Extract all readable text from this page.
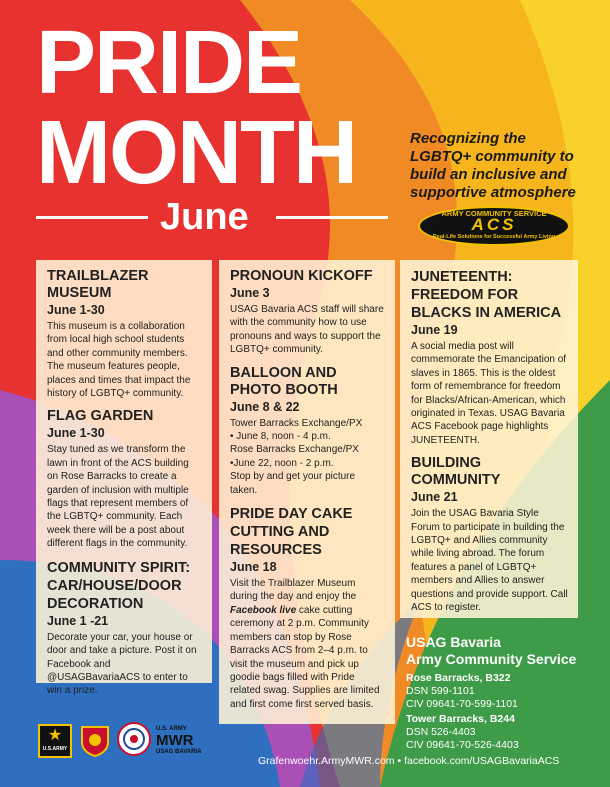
PRIDE
MONTH
June
Recognizing the LGBTQ+ community to build an inclusive and supportive atmosphere
ARMY COMMUNITY SERVICE
ACS
Real-Life Solutions for Successful Army Living
TRAILBLAZER MUSEUM
June 1-30

This museum is a collaboration from local high school students and other community members. The museum features people, places and times that impact the history of LGBTQ+ community.

FLAG GARDEN
June 1-30

Stay tuned as we transform the lawn in front of the ACS building on Rose Barracks to create a garden of inclusion with multiple flags that represent members of the LGBTQ+ community. Each week there will be a post about different flags in the community.

COMMUNITY SPIRIT: CAR/HOUSE/DOOR DECORATION
June 1 -21

Decorate your car, your house or door and take a picture. Post it on Facebook and @USAGBavariaACS to enter to win a prize.

PRONOUN KICKOFF
June 3

USAG Bavaria ACS staff will share with the community how to use pronouns and ways to support the LGBTQ+ community.

BALLOON AND PHOTO BOOTH
June 8 & 22

Tower Barracks Exchange/PX
• June 8, noon - 4 p.m.
Rose Barracks Exchange/PX
•June 22, noon - 2 p.m.
Stop by and get your picture taken.

PRIDE DAY CAKE CUTTING AND RESOURCES
June 18

Visit the Trailblazer Museum during the day and enjoy the Facebook live cake cutting ceremony at 2 p.m. Community members can stop by Rose Barracks ACS from 2–4 p.m. to visit the museum and pick up goodie bags filled with Pride related swag. Supplies are limited and first come first served basis.

JUNETEENTH: FREEDOM FOR BLACKS IN AMERICA
June 19

A social media post will commemorate the Emancipation of slaves in 1865. This is the oldest form of remembrance for freedom for Blacks/African-American, which originated in Texas. USAG Bavaria ACS Facebook page highlights JUNETEENTH.

BUILDING COMMUNITY
June 21

Join the USAG Bavaria Style Forum to participate in building the LGBTQ+ and Allies community while living abroad. The forum features a panel of LGBTQ+ members and Allies to answer questions and provide support. Call ACS to register.

USAG Bavaria
Army Community Service
Rose Barracks, B322
DSN 599-1101
CIV 09641-70-599-1101
Tower Barracks, B244
DSN 526-4403
CIV 09641-70-526-4403
★
U.S.ARMY
U.S. ARMY
MWR
USAG BAVARIA
Grafenwoehr.ArmyMWR.com • facebook.com/USAGBavariaACS
